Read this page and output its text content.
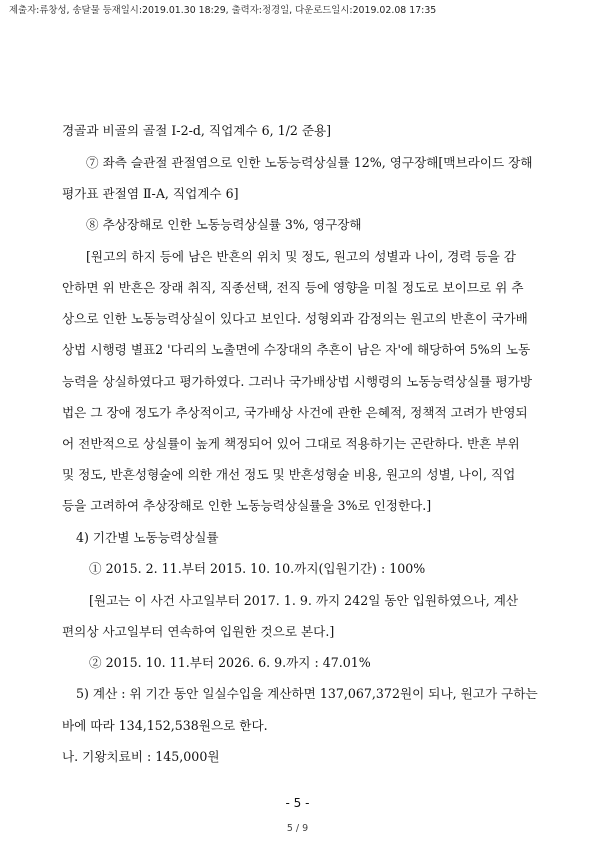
제출자:류창성, 송달물 등재일시:2019.01.30 18:29, 출력자:정경일, 다운로드일시:2019.02.08 17:35
경골과 비골의 골절 Ⅰ-2-d, 직업계수 6, 1/2 준용]
⑦ 좌측 슬관절 관절염으로 인한 노동능력상실률 12%, 영구장해[맥브라이드 장해
평가표 관절염 Ⅱ-A, 직업계수 6]
⑧ 추상장해로 인한 노동능력상실률 3%, 영구장해
[원고의 하지 등에 남은 반흔의 위치 및 정도, 원고의 성별과 나이, 경력 등을 감
안하면 위 반흔은 장래 취직, 직종선택, 전직 등에 영향을 미칠 정도로 보이므로 위 추
상으로 인한 노동능력상실이 있다고 보인다. 성형외과 감정의는 원고의 반흔이 국가배
상법 시행령 별표2 '다리의 노출면에 수장대의 추흔이 남은 자'에 해당하여 5%의 노동
능력을 상실하였다고 평가하였다. 그러나 국가배상법 시행령의 노동능력상실률 평가방
법은 그 장애 정도가 추상적이고, 국가배상 사건에 관한 은혜적, 정책적 고려가 반영되
어 전반적으로 상실률이 높게 책정되어 있어 그대로 적용하기는 곤란하다. 반흔 부위
및 정도, 반흔성형술에 의한 개선 정도 및 반흔성형술 비용, 원고의 성별, 나이, 직업
등을 고려하여 추상장해로 인한 노동능력상실률을 3%로 인정한다.]
4) 기간별 노동능력상실률
① 2015. 2. 11.부터 2015. 10. 10.까지(입원기간) : 100%
[원고는 이 사건 사고일부터 2017. 1. 9. 까지 242일 동안 입원하였으나, 계산
편의상 사고일부터 연속하여 입원한 것으로 본다.]
② 2015. 10. 11.부터 2026. 6. 9.까지 : 47.01%
5) 계산 : 위 기간 동안 일실수입을 계산하면 137,067,372원이 되나, 원고가 구하는
바에 따라 134,152,538원으로 한다.
나. 기왕치료비 : 145,000원
- 5 -
5 / 9
